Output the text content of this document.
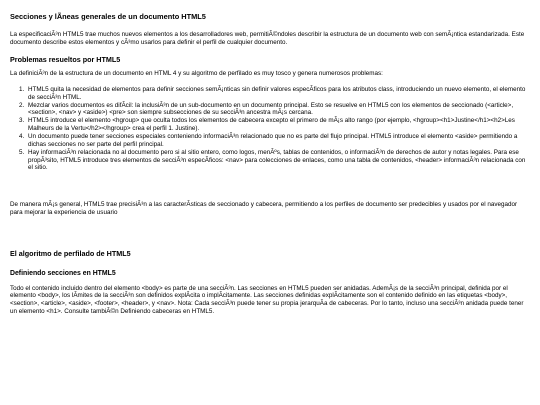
Secciones y lÃneas generales de un documento HTML5

La especificaciÃ³n HTML5 trae muchos nuevos elementos a los desarrolladores web, permitiÃ©ndoles describir la estructura de un documento web con semÃ¡ntica estandarizada. Este documento describe estos elementos y cÃ³mo usarlos para definir el perfil de cualquier documento.

Problemas resueltos por HTML5

La definiciÃ³n de la estructura de un documento en HTML 4 y su algoritmo de perfilado es muy tosco y genera numerosos problemas:

1. HTML5 quita la necesidad de elementos para definir secciones semÃ¡nticas sin definir valores especÃficos para los atributos class, introduciendo un nuevo elemento, el elemento de secciÃ³n HTML.
2. Mezclar varios documentos es difÃcil: la inclusiÃ³n de un sub-documento en un documento principal. Esto se resuelve en HTML5 con los elementos de seccionado (<article>, <section>, <nav> y <aside>) <pre> son siempre subsecciones de su secciÃ³n ancestra mÃ¡s cercana.
3. HTML5 introduce el elemento <hgroup> que oculta todos los elementos de cabecera excepto el primero de mÃ¡s alto rango (por ejemplo, <hgroup><h1>Justine</h1><h2>Les Malheurs de la Vertu</h2></hgroup> crea el perfil 1. Justine).
4. Un documento puede tener secciones especiales conteniendo informaciÃ³n relacionado que no es parte del flujo principal. HTML5 introduce el elemento <aside> permitiendo a dichas secciones no ser parte del perfil principal.
5. Hay informaciÃ³n relacionada no al documento pero si al sitio entero, como logos, menÃºs, tablas de contenidos, o informaciÃ³n de derechos de autor y notas legales. Para ese propÃ³sito, HTML5 introduce tres elementos de secciÃ³n especÃficos: <nav> para colecciones de enlaces, como una tabla de contenidos, <header> informaciÃ³n relacionada con el sitio.

De manera mÃ¡s general, HTML5 trae precisiÃ³n a las caracterÃsticas de seccionado y cabecera, permitiendo a los perfiles de documento ser predecibles y usados por el navegador para mejorar la experiencia de usuario

El algoritmo de perfilado de HTML5
Definiendo secciones en HTML5

Todo el contenido incluido dentro del elemento <body> es parte de una secciÃ³n. Las secciones en HTML5 pueden ser anidadas. AdemÃ¡s de la secciÃ³n principal, definida por el elemento <body>, los lÃmites de la secciÃ³n son definidos explÃcita o implÃcitamente. Las secciones definidas explÃcitamente son el contenido definido en las etiquetas <body>, <section>, <article>, <aside>, <footer>, <header>, y <nav>. Nota: Cada secciÃ³n puede tener su propia jerarquÃa de cabeceras. Por lo tanto, incluso una secciÃ³n anidada puede tener un elemento <h1>. Consulte tambiÃ©n Definiendo cabeceras en HTML5.
